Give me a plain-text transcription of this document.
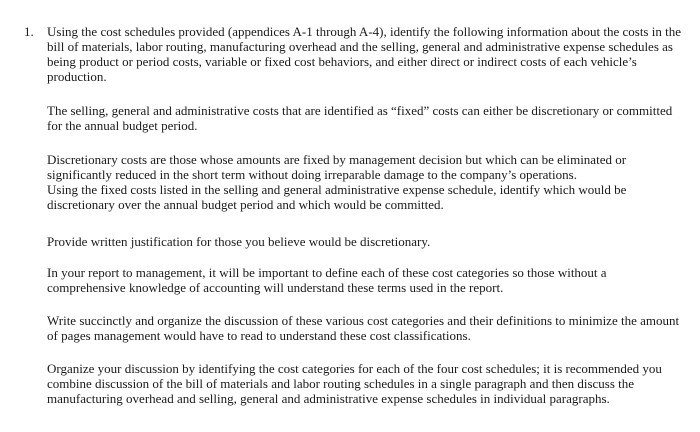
1. Using the cost schedules provided (appendices A-1 through A-4), identify the following information about the costs in the bill of materials, labor routing, manufacturing overhead and the selling, general and administrative expense schedules as being product or period costs, variable or fixed cost behaviors, and either direct or indirect costs of each vehicle’s production.

The selling, general and administrative costs that are identified as “fixed” costs can either be discretionary or committed for the annual budget period.

Discretionary costs are those whose amounts are fixed by management decision but which can be eliminated or significantly reduced in the short term without doing irreparable damage to the company’s operations.
Using the fixed costs listed in the selling and general administrative expense schedule, identify which would be discretionary over the annual budget period and which would be committed.

Provide written justification for those you believe would be discretionary.

In your report to management, it will be important to define each of these cost categories so those without a comprehensive knowledge of accounting will understand these terms used in the report.

Write succinctly and organize the discussion of these various cost categories and their definitions to minimize the amount of pages management would have to read to understand these cost classifications.

Organize your discussion by identifying the cost categories for each of the four cost schedules; it is recommended you combine discussion of the bill of materials and labor routing schedules in a single paragraph and then discuss the manufacturing overhead and selling, general and administrative expense schedules in individual paragraphs.
